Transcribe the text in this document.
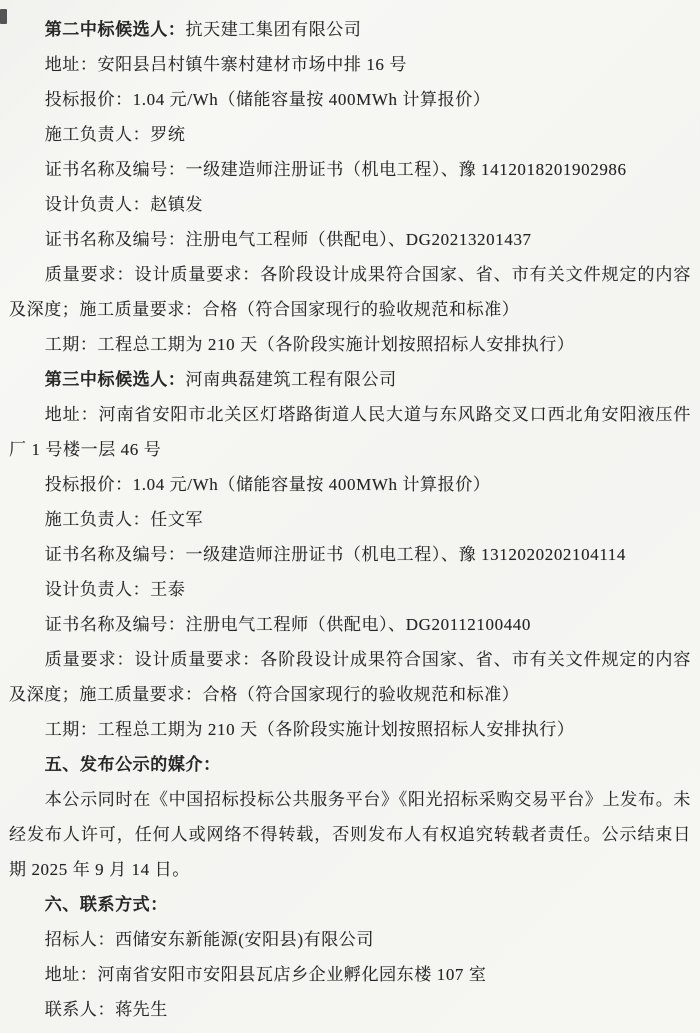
第二中标候选人：抗天建工集团有限公司

地址：安阳县吕村镇牛寨村建材市场中排 16 号

投标报价：1.04 元/Wh（储能容量按 400MWh 计算报价）

施工负责人：罗统

证书名称及编号：一级建造师注册证书（机电工程）、豫 1412018201902986

设计负责人：赵镇发

证书名称及编号：注册电气工程师（供配电）、DG20213201437

质量要求：设计质量要求：各阶段设计成果符合国家、省、市有关文件规定的内容及深度；施工质量要求：合格（符合国家现行的验收规范和标准）

工期：工程总工期为 210 天（各阶段实施计划按照招标人安排执行）

第三中标候选人：河南典磊建筑工程有限公司

地址：河南省安阳市北关区灯塔路街道人民大道与东风路交叉口西北角安阳液压件厂 1 号楼一层 46 号

投标报价：1.04 元/Wh（储能容量按 400MWh 计算报价）

施工负责人：任文军

证书名称及编号：一级建造师注册证书（机电工程）、豫 1312020202104114

设计负责人：王泰

证书名称及编号：注册电气工程师（供配电）、DG20112100440

质量要求：设计质量要求：各阶段设计成果符合国家、省、市有关文件规定的内容及深度；施工质量要求：合格（符合国家现行的验收规范和标准）

工期：工程总工期为 210 天（各阶段实施计划按照招标人安排执行）

五、发布公示的媒介：

本公示同时在《中国招标投标公共服务平台》《阳光招标采购交易平台》上发布。未经发布人许可，任何人或网络不得转载，否则发布人有权追究转载者责任。公示结束日期 2025 年 9 月 14 日。

六、联系方式：

招标人：西储安东新能源(安阳县)有限公司

地址：河南省安阳市安阳县瓦店乡企业孵化园东楼 107 室

联系人：蒋先生
